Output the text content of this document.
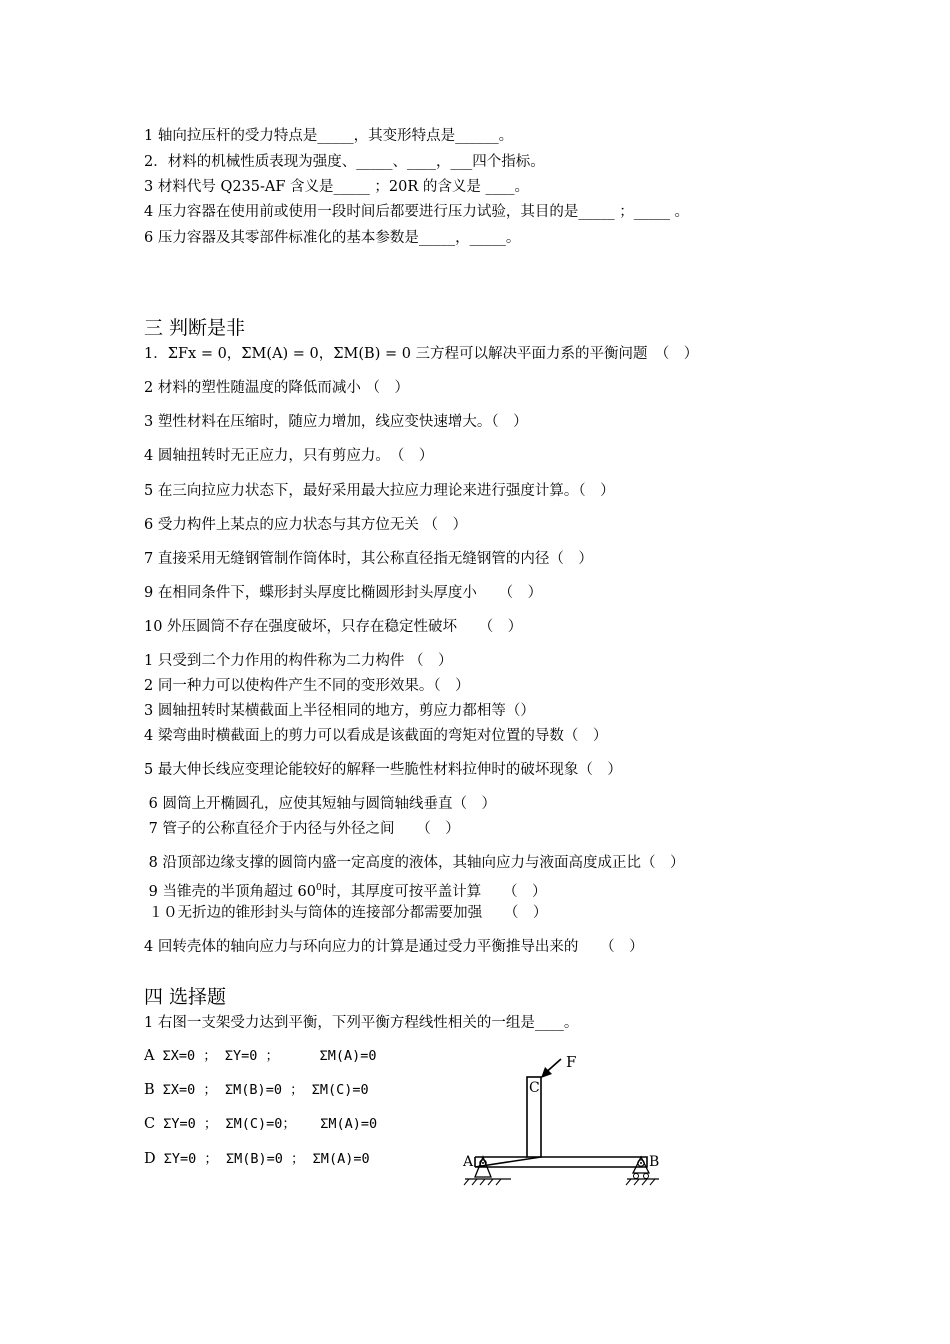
1 轴向拉压杆的受力特点是_____，其变形特点是______。
2．材料的机械性质表现为强度、_____、____，___四个指标。
3 材料代号 Q235-AF 含义是_____ ；20R 的含义是 ____。
4 压力容器在使用前或使用一段时间后都要进行压力试验，其目的是_____ ；_____ 。
6 压力容器及其零部件标准化的基本参数是_____，_____。
三 判断是非
1．ΣFx = 0，ΣM(A) = 0，ΣM(B) = 0 三方程可以解决平面力系的平衡问题　（　）
2 材料的塑性随温度的降低而减小 （　）
3 塑性材料在压缩时，随应力增加，线应变快速增大。（　）
4 圆轴扭转时无正应力，只有剪应力。　（　）
5 在三向拉应力状态下，最好采用最大拉应力理论来进行强度计算。（　）
6 受力构件上某点的应力状态与其方位无关 （　）
7 直接采用无缝钢管制作筒体时，其公称直径指无缝钢管的内径（　）
9 在相同条件下，蝶形封头厚度比椭圆形封头厚度小　　（　）
10 外压圆筒不存在强度破坏，只存在稳定性破坏　　（　）
1 只受到二个力作用的构件称为二力构件 （　）
2 同一种力可以使构件产生不同的变形效果。（　）
3 圆轴扭转时某横截面上半径相同的地方，剪应力都相等（）
4 梁弯曲时横截面上的剪力可以看成是该截面的弯矩对位置的导数（　）
5 最大伸长线应变理论能较好的解释一些脆性材料拉伸时的破坏现象（　）
6 圆筒上开椭圆孔，应使其短轴与圆筒轴线垂直（　）
7 管子的公称直径介于内径与外径之间　　（　）
8 沿顶部边缘支撑的圆筒内盛一定高度的液体，其轴向应力与液面高度成正比（　）
9 当锥壳的半顶角超过 $60^0$时，其厚度可按平盖计算　　（　）
１０无折边的锥形封头与筒体的连接部分都需要加强　　（　）
4 回转壳体的轴向应力与环向应力的计算是通过受力平衡推导出来的　　（　）
四 选择题
1 右图一支架受力达到平衡，下列平衡方程线性相关的一组是____。
A ΣX=0 ； ΣY=0 ；     ΣM(A)=0
B ΣX=0 ； ΣM(B)=0 ； ΣM(C)=0
C ΣY=0 ； ΣM(C)=0；   ΣM(A)=0
D ΣY=0 ； ΣM(B)=0 ； ΣM(A)=0
F
C
A	B
